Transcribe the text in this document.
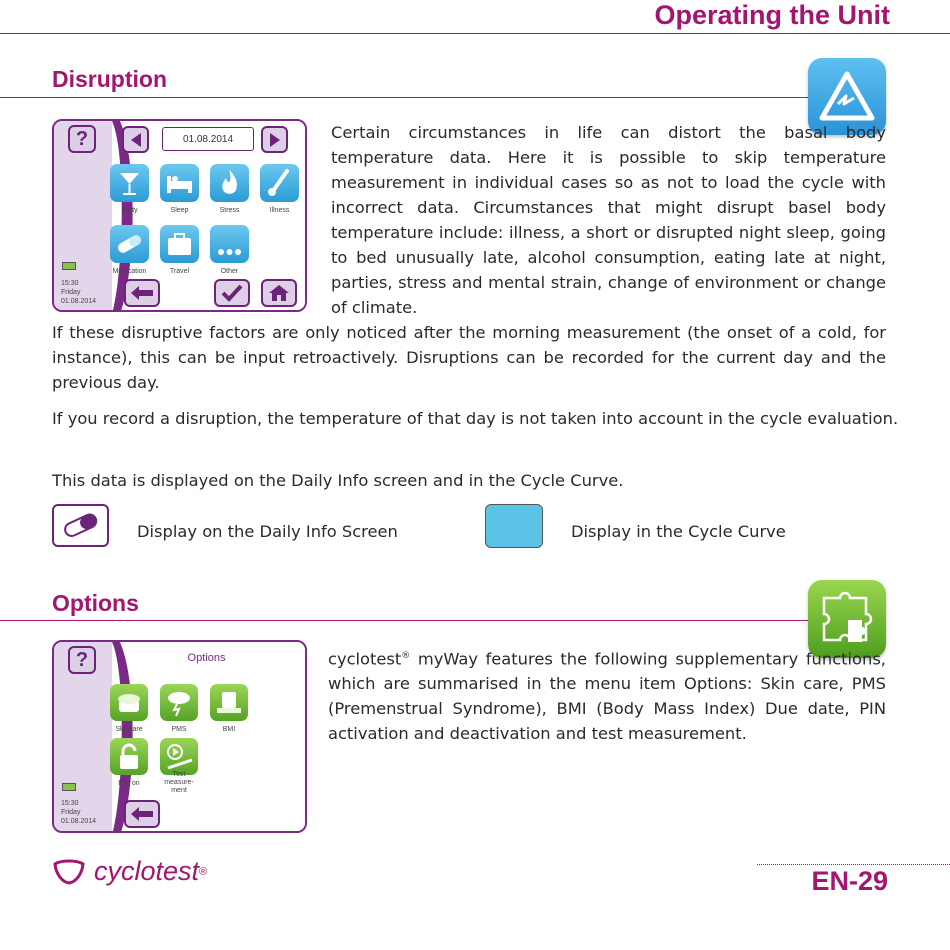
Operating the Unit
Disruption
?	01.08.2014
Party	Sleep	Stress	Illness
Medication	Travel	Other
15:30
Friday
01.08.2014
Certain circumstances in life can distort the basal body temperature data. Here it is possible to skip temperature measurement in individual cases so as not to load the cycle with incorrect data. Circumstances that might disrupt basel body temperature include: illness, a short or disrupted night sleep, going to bed unusually late, alcohol consumption, eating late at night, parties, stress and mental strain, change of environment or change of climate.
If these disruptive factors are only noticed after the morning measurement (the onset of a cold, for instance), this can be input retroactively. Disruptions can be recorded for the current day and the previous day.
If you record a disruption, the temperature of that day is not taken into account in the cycle evaluation.
This data is displayed on the Daily Info screen and in the Cycle Curve.
Display on the Daily Info Screen	Display in the Cycle Curve
Options
?	Options
Skincare	PMS	BMI
PIN on
Test measure-ment
15:30
Friday
01.08.2014
cyclotest® myWay features the following supplementary functions, which are summarised in the menu item Options: Skin care, PMS (Premenstrual Syndrome), BMI (Body Mass Index) Due date, PIN activation and deactivation and test measurement.
cyclotest ®	EN-29
